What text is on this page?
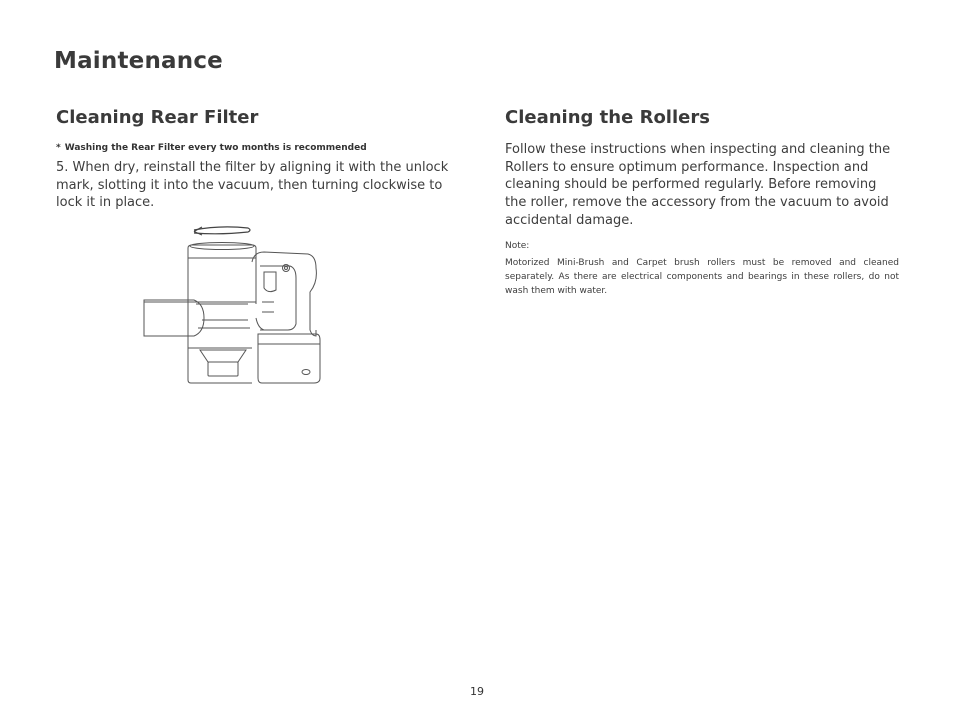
Maintenance
Cleaning Rear Filter

* Washing the Rear Filter every two months is recommended

5. When dry, reinstall the filter by aligning it with the unlock mark, slotting it into the vacuum, then turning clockwise to lock it in place.

Cleaning the Rollers

Follow these instructions when inspecting and cleaning the Rollers to ensure optimum performance. Inspection and cleaning should be performed regularly. Before removing the roller, remove the accessory from the vacuum to avoid accidental damage.

Note:

Motorized Mini-Brush and Carpet brush rollers must be removed and cleaned separately. As there are electrical components and bearings in these rollers, do not wash them with water.

19
